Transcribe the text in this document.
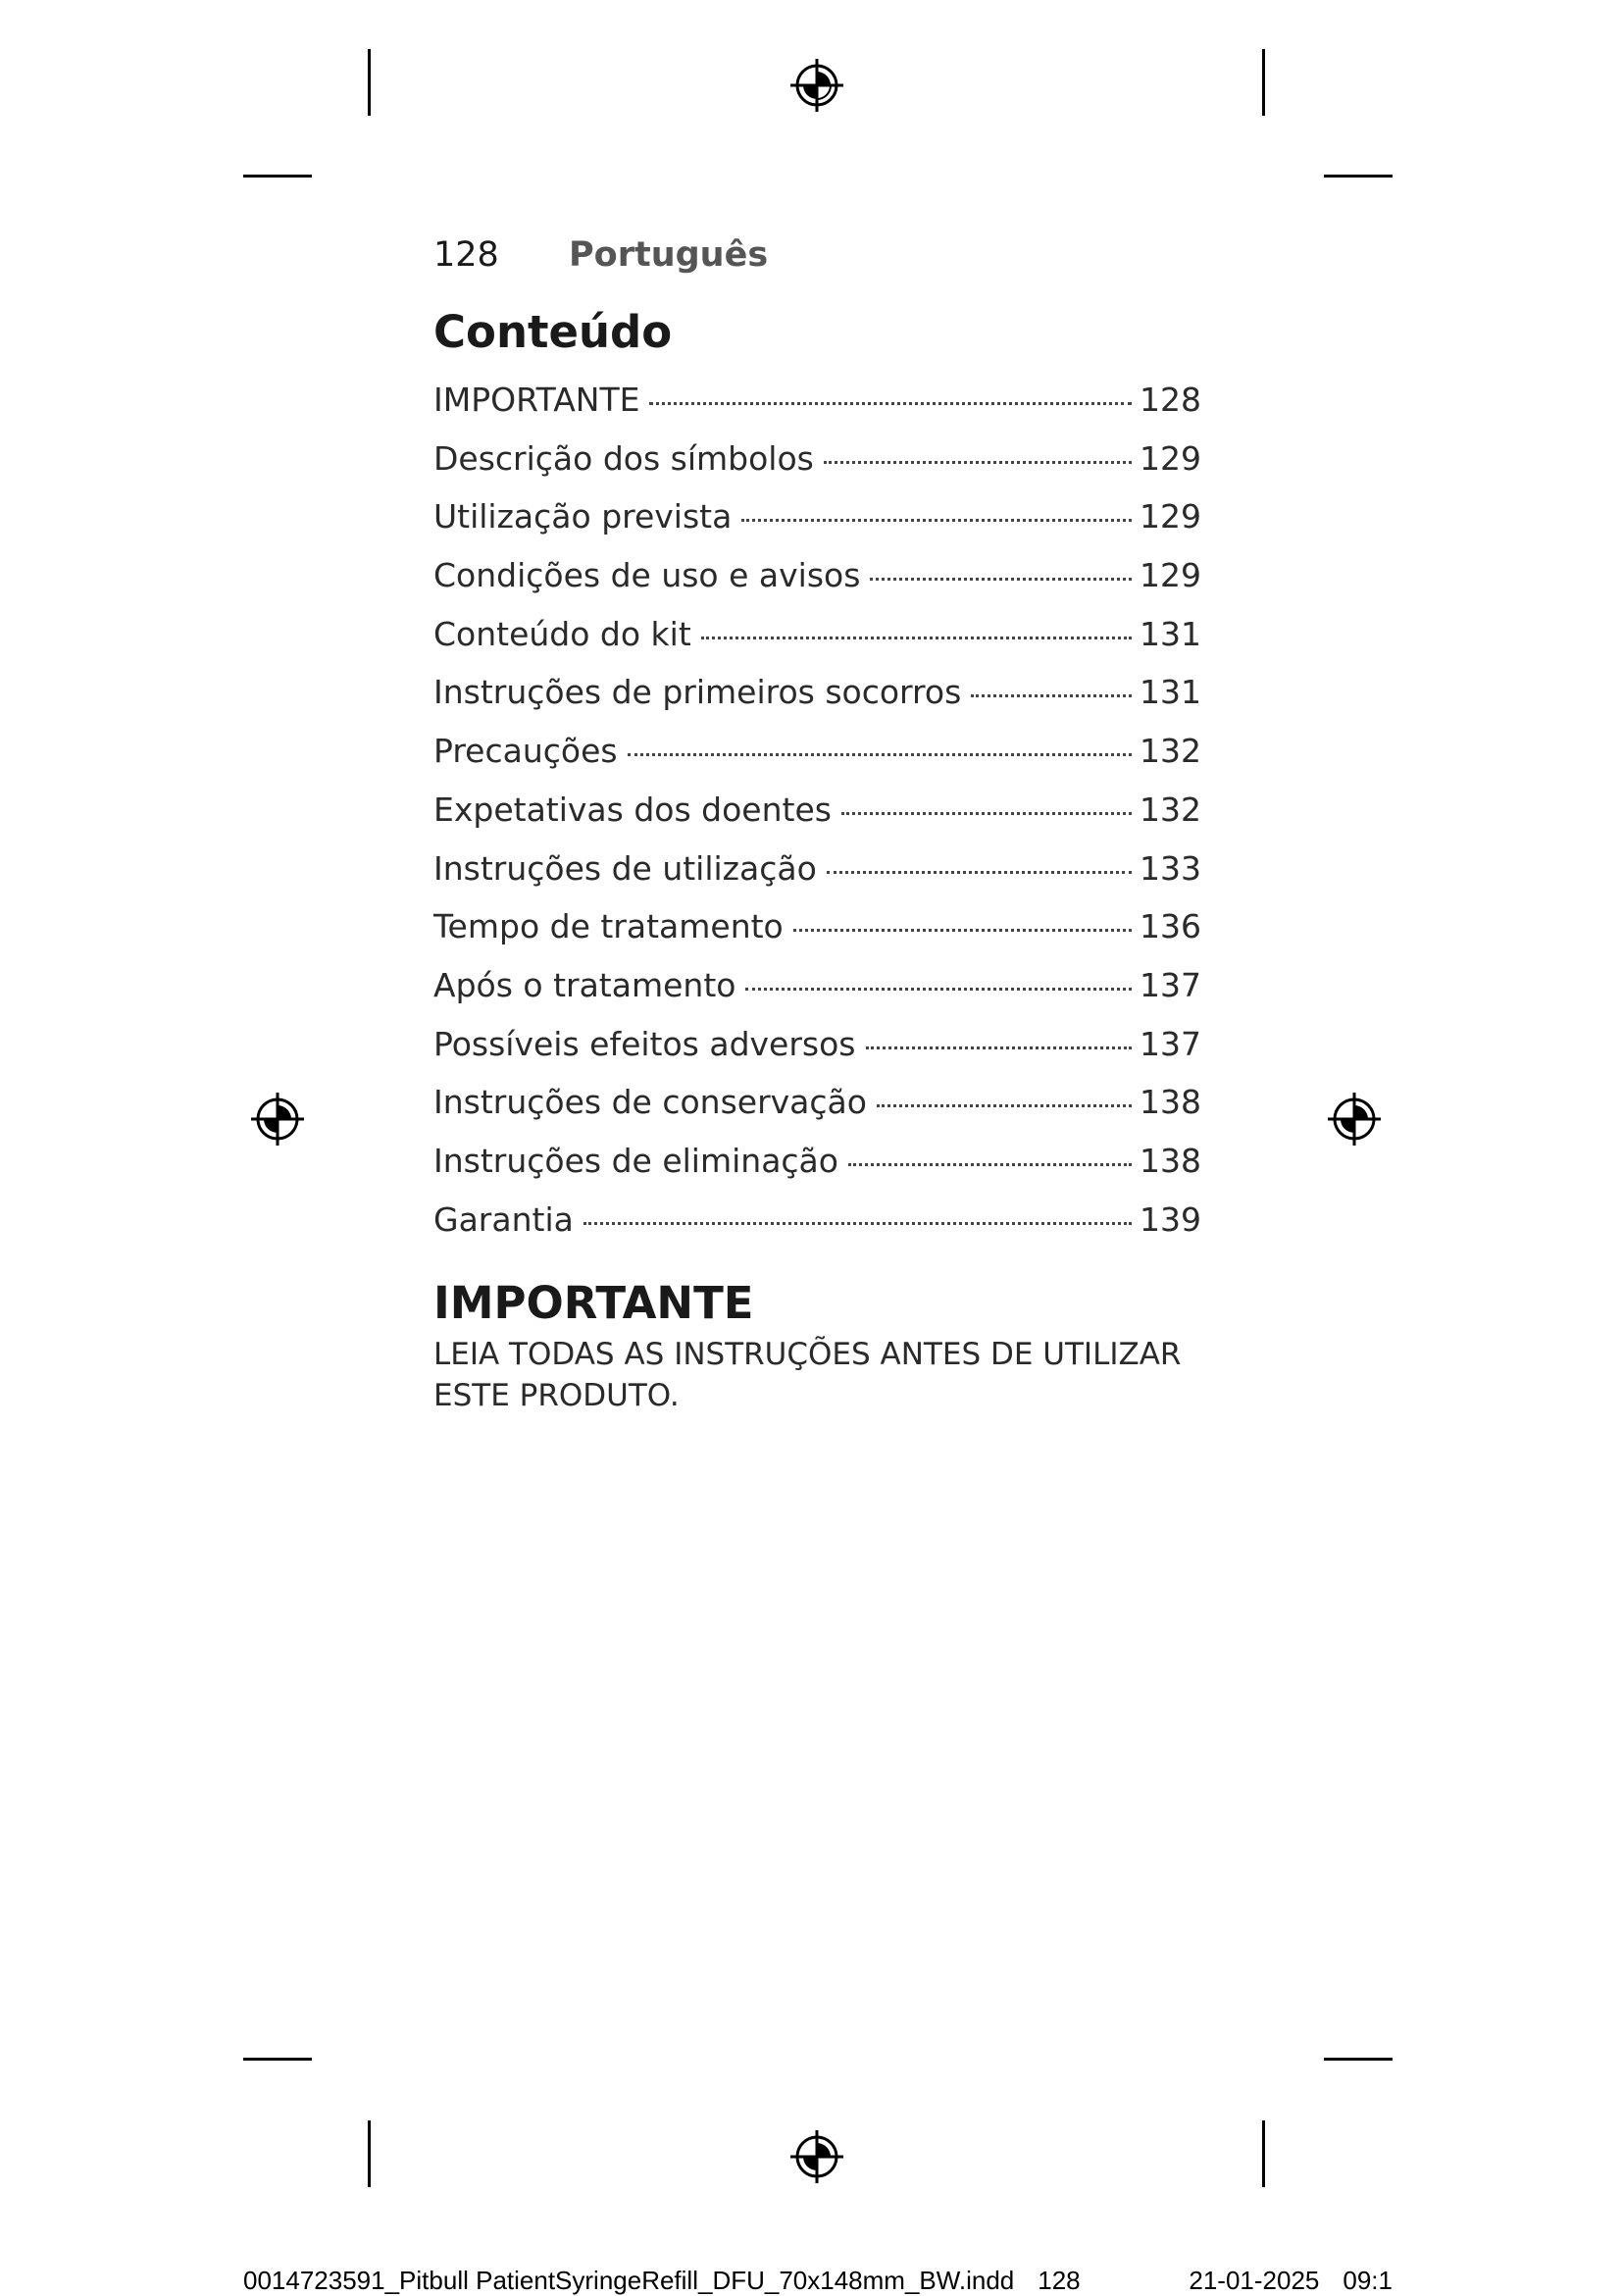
128 Português
Conteúdo
IMPORTANTE	128
Descrição dos símbolos	129
Utilização prevista	129
Condições de uso e avisos	129
Conteúdo do kit	131
Instruções de primeiros socorros	131
Precauções	132
Expetativas dos doentes	132
Instruções de utilização	133
Tempo de tratamento	136
Após o tratamento	137
Possíveis efeitos adversos	137
Instruções de conservação	138
Instruções de eliminação	138
Garantia	139
IMPORTANTE

LEIA TODAS AS INSTRUÇÕES ANTES DE UTILIZAR ESTE PRODUTO.

0014723591_Pitbull PatientSyringeRefill_DFU_70x148mm_BW.indd 128	21-01-2025 09:1
